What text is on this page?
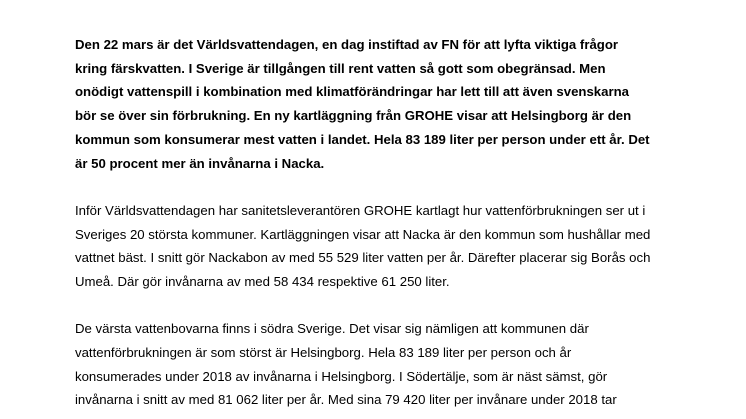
Den 22 mars är det Världsvattendagen, en dag instiftad av FN för att lyfta viktiga frågor
kring färskvatten. I Sverige är tillgången till rent vatten så gott som obegränsad. Men
onödigt vattenspill i kombination med klimatförändringar har lett till att även svenskarna
bör se över sin förbrukning. En ny kartläggning från GROHE visar att Helsingborg är den
kommun som konsumerar mest vatten i landet. Hela 83 189 liter per person under ett år. Det
är 50 procent mer än invånarna i Nacka.

Inför Världsvattendagen har sanitetsleverantören GROHE kartlagt hur vattenförbrukningen ser ut i
Sveriges 20 största kommuner. Kartläggningen visar att Nacka är den kommun som hushållar med
vattnet bäst. I snitt gör Nackabon av med 55 529 liter vatten per år. Därefter placerar sig Borås och
Umeå. Där gör invånarna av med 58 434 respektive 61 250 liter.

De värsta vattenbovarna finns i södra Sverige. Det visar sig nämligen att kommunen där
vattenförbrukningen är som störst är Helsingborg. Hela 83 189 liter per person och år
konsumerades under 2018 av invånarna i Helsingborg. I Södertälje, som är näst sämst, gör
invånarna i snitt av med 81 062 liter per år. Med sina 79 420 liter per invånare under 2018 tar
